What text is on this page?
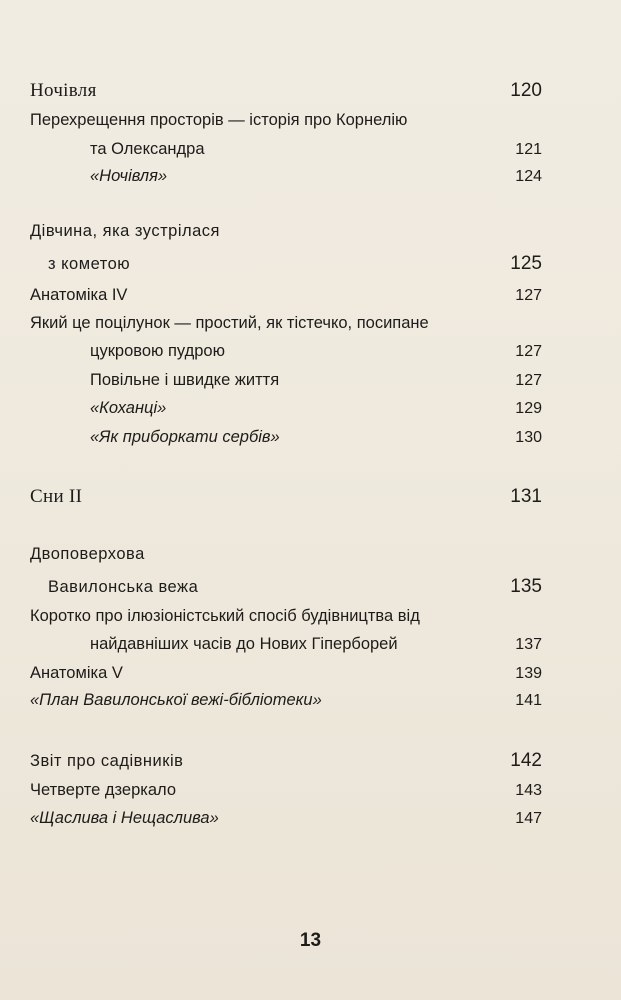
Ночівля	120
Перехрещення просторів — історія про Корнелію
та Олександра	121
«Ночівля»	124
Дівчина, яка зустрілася
з кометою	125
Анатоміка IV	127
Який це поцілунок — простий, як тістечко, посипане
цукровою пудрою	127
Повільне і швидке життя	127
«Коханці»	129
«Як приборкати сербів»	130
Сни II	131
Двоповерхова
Вавилонська вежа	135
Коротко про ілюзіоністський спосіб будівництва від
найдавніших часів до Нових Гіперборей	137
Анатоміка V	139
«План Вавилонської вежі-бібліотеки»	141
Звіт про садівників	142
Четверте дзеркало	143
«Щаслива і Нещаслива»	147
13
